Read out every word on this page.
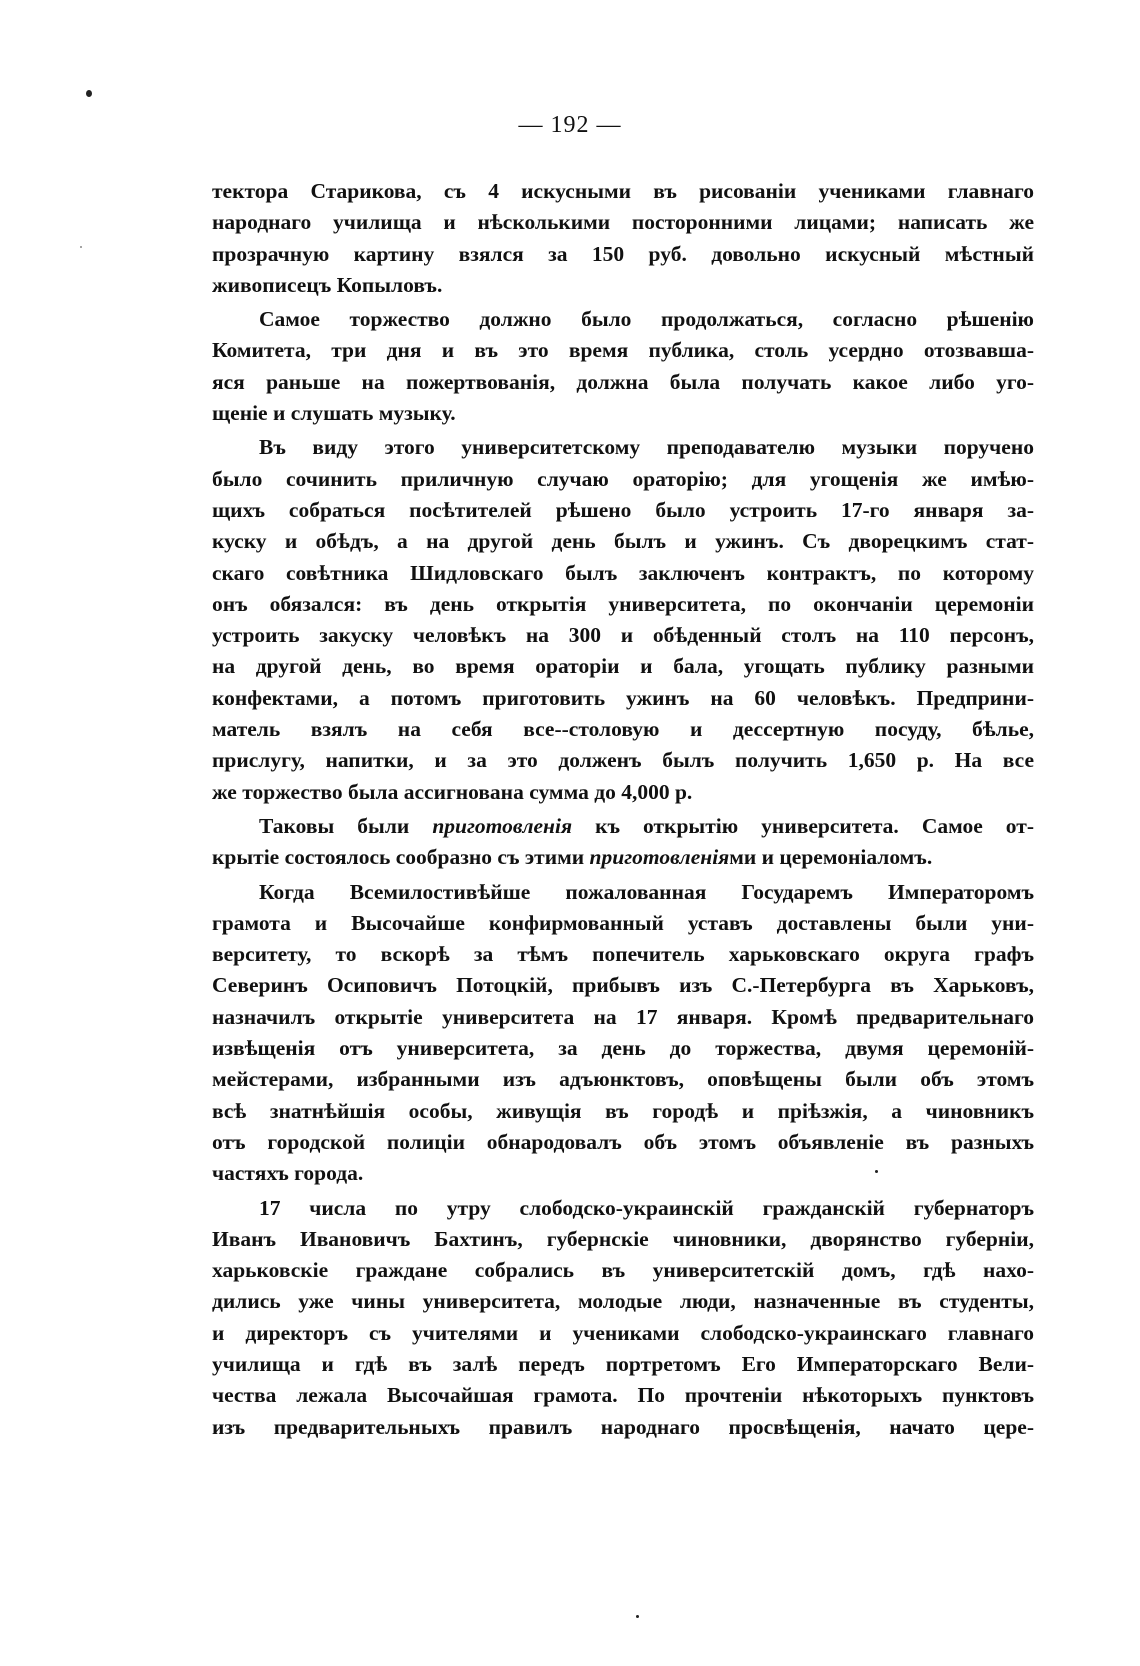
— 192 —
тектора Старикова, съ 4 искусными въ рисованіи учениками главнаго
народнаго училища и нѣсколькими посторонними лицами; написать же
прозрачную картину взялся за 150 руб. довольно искусный мѣстный
живописецъ Копыловъ.
Самое торжество должно было продолжаться, согласно рѣшенію
Комитета, три дня и въ это время публика, столь усердно отозвавша-
яся раньше на пожертвованія, должна была получать какое либо уго-
щеніе и слушать музыку.
Въ виду этого университетскому преподавателю музыки поручено
было сочинить приличную случаю ораторію; для угощенія же имѣю-
щихъ собраться посѣтителей рѣшено было устроить 17-го января за-
куску и обѣдъ, а на другой день былъ и ужинъ. Съ дворецкимъ стат-
скаго совѣтника Шидловскаго былъ заключенъ контрактъ, по которому
онъ обязался: въ день открытія университета, по окончаніи церемоніи
устроить закуску человѣкъ на 300 и обѣденный столъ на 110 персонъ,
на другой день, во время ораторіи и бала, угощать публику разными
конфектами, а потомъ приготовить ужинъ на 60 человѣкъ. Предприни-
матель взялъ на себя все--столовую и дессертную посуду, бѣлье,
прислугу, напитки, и за это долженъ былъ получить 1,650 р. На все
же торжество была ассигнована сумма до 4,000 р.
Таковы были приготовленія къ открытію университета. Самое от-
крытіе состоялось сообразно съ этими приготовленіями и церемоніаломъ.
Когда Всемилостивѣйше пожалованная Государемъ Императоромъ
грамота и Высочайше конфирмованный уставъ доставлены были уни-
верситету, то вскорѣ за тѣмъ попечитель харьковскаго округа графъ
Северинъ Осиповичъ Потоцкій, прибывъ изъ С.-Петербурга въ Харьковъ,
назначилъ открытіе университета на 17 января. Кромѣ предварительнаго
извѣщенія отъ университета, за день до торжества, двумя церемоній-
мейстерами, избранными изъ адъюнктовъ, оповѣщены были объ этомъ
всѣ знатнѣйшія особы, живущія въ городѣ и пріѣзжія, а чиновникъ
отъ городской полиціи обнародовалъ объ этомъ объявленіе въ разныхъ
частяхъ города.
17 числа по утру слободско-украинскій гражданскій губернаторъ
Иванъ Ивановичъ Бахтинъ, губернскіе чиновники, дворянство губерніи,
харьковскіе граждане собрались въ университетскій домъ, гдѣ нахо-
дились уже чины университета, молодые люди, назначенные въ студенты,
и директоръ съ учителями и учениками слободско-украинскаго главнаго
училища и гдѣ въ залѣ передъ портретомъ Его Императорскаго Вели-
чества лежала Высочайшая грамота. По прочтеніи нѣкоторыхъ пунктовъ
изъ предварительныхъ правилъ народнаго просвѣщенія, начато цере-
